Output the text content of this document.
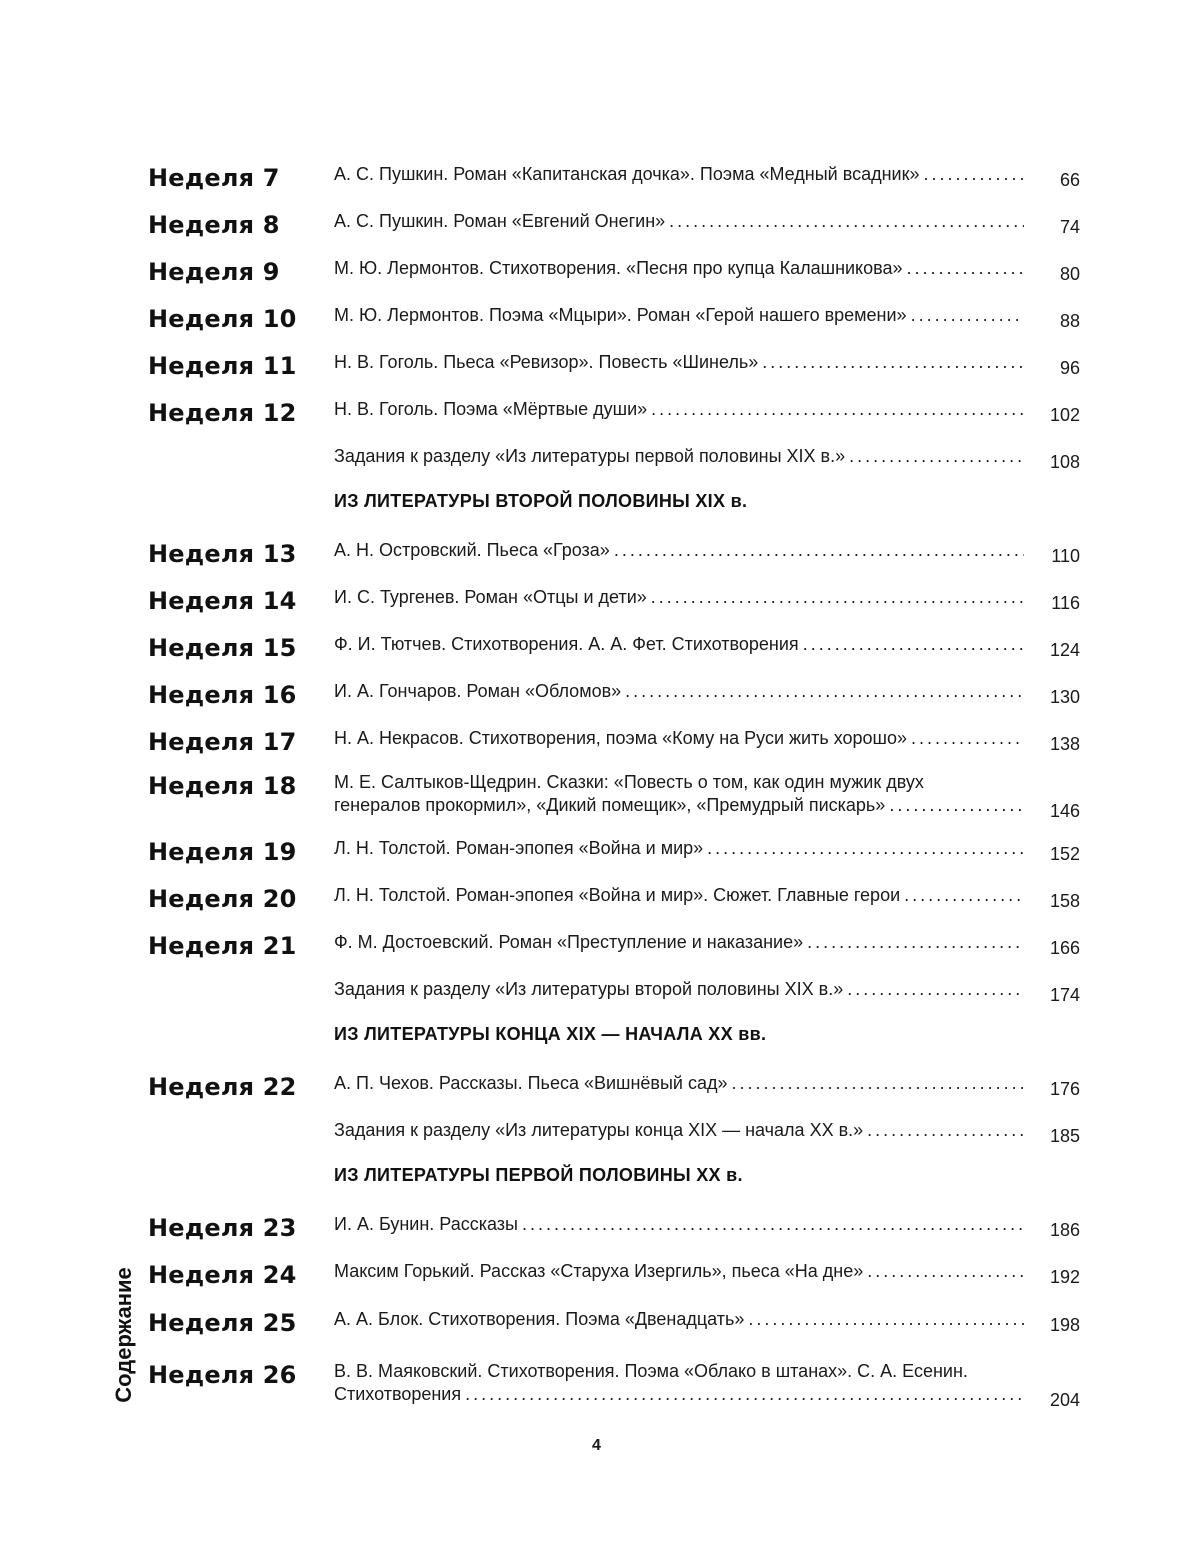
Неделя 7	А. С. Пушкин. Роман «Капитанская дочка». Поэма «Медный всадник» . . .	66
Неделя 8	А. С. Пушкин. Роман «Евгений Онегин» . . .	74
Неделя 9	М. Ю. Лермонтов. Стихотворения. «Песня про купца Калашникова» . . .	80
Неделя 10 М. Ю. Лермонтов. Поэма «Мцыри». Роман «Герой нашего времени» . . .	88
Неделя 11 Н. В. Гоголь. Пьеса «Ревизор». Повесть «Шинель» . . .	96
Неделя 12 Н. В. Гоголь. Поэма «Мёртвые души» . . .	102
Задания к разделу «Из литературы первой половины XIX в.» . . .	108
Неделя 13 А. Н. Островский. Пьеса «Гроза» . . .	110
Неделя 14 И. С. Тургенев. Роман «Отцы и дети» . . .	116
Неделя 15 Ф. И. Тютчев. Стихотворения. А. А. Фет. Стихотворения . . .	124
Неделя 16 И. А. Гончаров. Роман «Обломов» . . .	130
Неделя 17 Н. А. Некрасов. Стихотворения, поэма «Кому на Руси жить хорошо» . . .	138
Неделя 18 М. Е. Салтыков-Щедрин. Сказки: «Повесть о том, как один мужик двух
генералов прокормил», «Дикий помещик», «Премудрый пискарь» . . .	146
Неделя 19 Л. Н. Толстой. Роман-эпопея «Война и мир» . . .	152
Неделя 20 Л. Н. Толстой. Роман-эпопея «Война и мир». Сюжет. Главные герои . . .	158
Неделя 21 Ф. М. Достоевский. Роман «Преступление и наказание» . . .	166
Задания к разделу «Из литературы второй половины XIX в.» . . .	174
Неделя 22 А. П. Чехов. Рассказы. Пьеса «Вишнёвый сад» . . .	176
Задания к разделу «Из литературы конца XIX — начала XX в.» . . .	185
Неделя 23 И. А. Бунин. Рассказы . . .	186
Неделя 24 Максим Горький. Рассказ «Старуха Изергиль», пьеса «На дне» . . .	192
Неделя 25 А. А. Блок. Стихотворения. Поэма «Двенадцать» . . .	198
Неделя 26 В. В. Маяковский. Стихотворения. Поэма «Облако в штанах». С. А. Есенин.
Стихотворения . . .	204
ИЗ ЛИТЕРАТУРЫ ВТОРОЙ ПОЛОВИНЫ XIX в.
ИЗ ЛИТЕРАТУРЫ КОНЦА XIX — НАЧАЛА XX вв.
ИЗ ЛИТЕРАТУРЫ ПЕРВОЙ ПОЛОВИНЫ XX в.
Содержание
4
